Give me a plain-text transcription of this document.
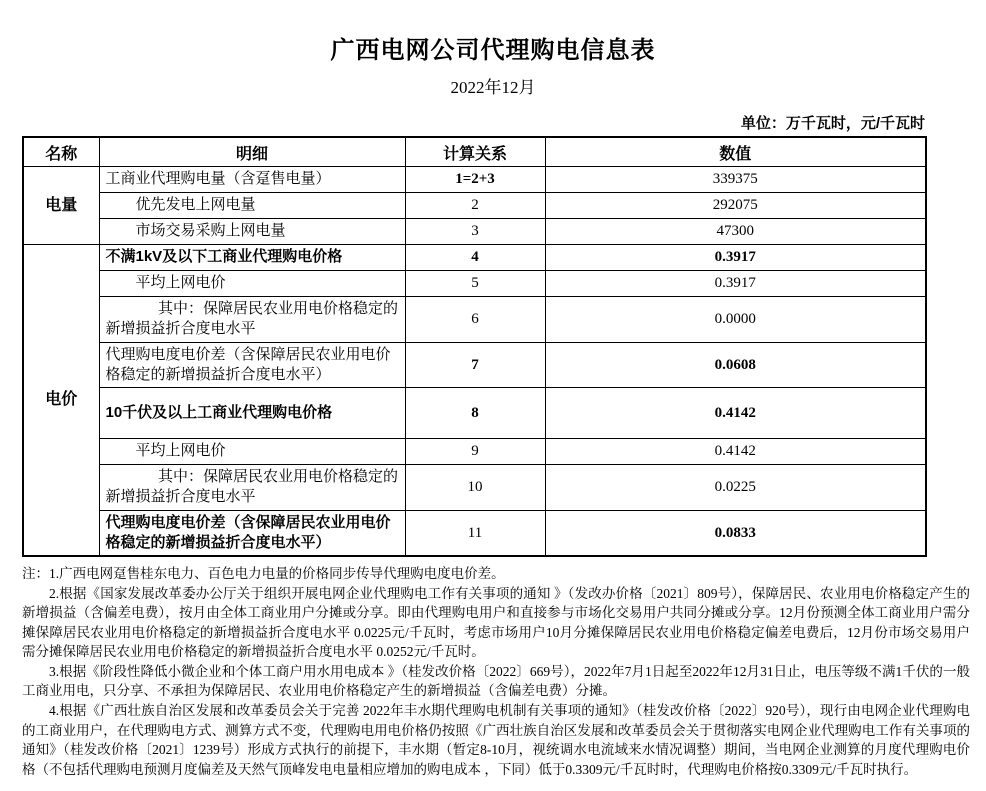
广西电网公司代理购电信息表
2022年12月
单位：万千瓦时，元/千瓦时
名称	明细	计算关系	数值
电量	工商业代理购电量（含趸售电量）	1=2+3	339375
	优先发电上网电量	2	292075
	市场交易采购上网电量	3	47300
电价	不满1kV及以下工商业代理购电价格	4	0.3917
	平均上网电价	5	0.3917
	其中：保障居民农业用电价格稳定的新增损益折合度电水平	6	0.0000
	代理购电度电价差（含保障居民农业用电价格稳定的新增损益折合度电水平）	7	0.0608
	10千伏及以上工商业代理购电价格	8	0.4142
	平均上网电价	9	0.4142
	其中：保障居民农业用电价格稳定的新增损益折合度电水平	10	0.0225
	代理购电度电价差（含保障居民农业用电价格稳定的新增损益折合度电水平）	11	0.0833

注：1.广西电网趸售桂东电力、百色电力电量的价格同步传导代理购电度电价差。

2.根据《国家发展改革委办公厅关于组织开展电网企业代理购电工作有关事项的通知 》（发改办价格〔2021〕809号），保障居民、农业用电价格稳定产生的新增损益（含偏差电费），按月由全体工商业用户分摊或分享。即由代理购电用户和直接参与市场化交易用户共同分摊或分享。12月份预测全体工商业用户需分摊保障居民农业用电价格稳定的新增损益折合度电水平 0.0225元/千瓦时，考虑市场用户10月分摊保障居民农业用电价格稳定偏差电费后，12月份市场交易用户需分摊保障居民农业用电价格稳定的新增损益折合度电水平 0.0252元/千瓦时。

3.根据《阶段性降低小微企业和个体工商户用水用电成本 》（桂发改价格〔2022〕669号），2022年7月1日起至2022年12月31日止，电压等级不满1千伏的一般工商业用电，只分享、不承担为保障居民、农业用电价格稳定产生的新增损益（含偏差电费）分摊。

4.根据《广西壮族自治区发展和改革委员会关于完善 2022年丰水期代理购电机制有关事项的通知》（桂发改价格〔2022〕920号），现行由电网企业代理购电的工商业用户，在代理购电方式、测算方式不变，代理购电用电价格仍按照《广西壮族自治区发展和改革委员会关于贯彻落实电网企业代理购电工作有关事项的通知》（桂发改价格〔2021〕1239号）形成方式执行的前提下，丰水期（暂定8-10月，视统调水电流域来水情况调整）期间，当电网企业测算的月度代理购电价格（不包括代理购电预测月度偏差及天然气顶峰发电电量相应增加的购电成本 ，下同）低于0.3309元/千瓦时时，代理购电价格按0.3309元/千瓦时执行。
